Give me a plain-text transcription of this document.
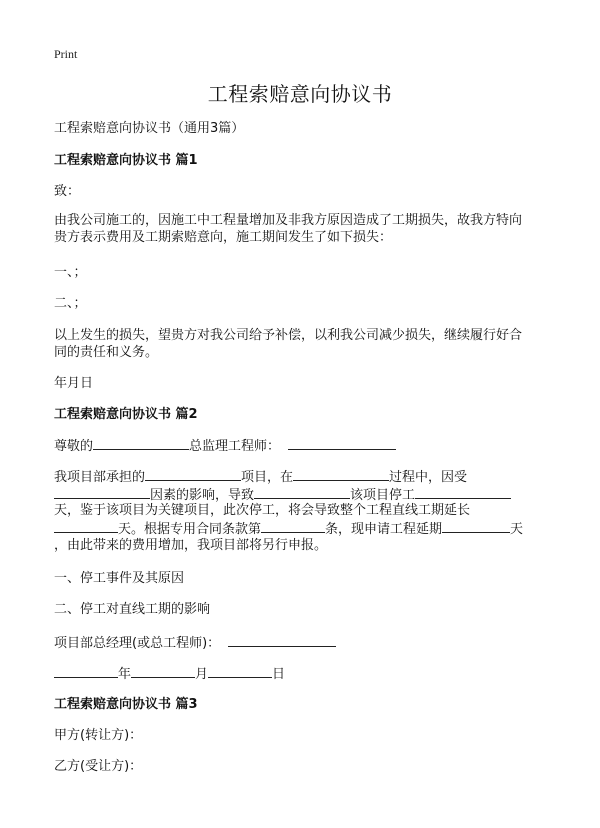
Print
工程索赔意向协议书

工程索赔意向协议书（通用3篇）

工程索赔意向协议书 篇1

致：

由我公司施工的，因施工中工程量增加及非我方原因造成了工期损失，故我方特向

贵方表示费用及工期索赔意向，施工期间发生了如下损失：

一、；

二、；

以上发生的损失，望贵方对我公司给予补偿，以利我公司减少损失，继续履行好合

同的责任和义务。

年月日

工程索赔意向协议书 篇2

尊敬的	总监理工程师：

我项目部承担的	项目，在	过程中，因受

因素的影响，导致	该项目停工

天，鉴于该项目为关键项目，此次停工，将会导致整个工程直线工期延长

天。根据专用合同条款第	条，现申请工程延期	天

，由此带来的费用增加，我项目部将另行申报。

一、停工事件及其原因

二、停工对直线工期的影响

项目部总经理(或总工程师)：

年	月	日

工程索赔意向协议书 篇3

甲方(转让方)：

乙方(受让方)：
